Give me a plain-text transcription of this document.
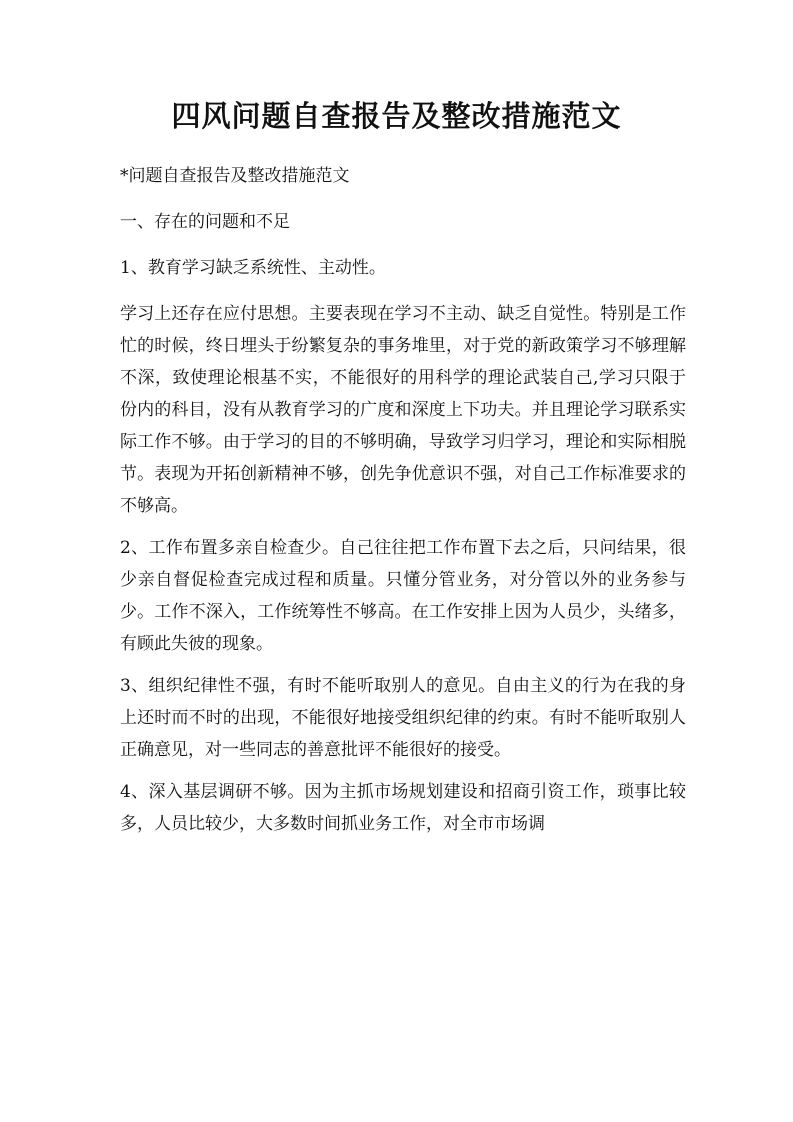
四风问题自查报告及整改措施范文

*问题自查报告及整改措施范文

一、存在的问题和不足

1、教育学习缺乏系统性、主动性。

学习上还存在应付思想。主要表现在学习不主动、缺乏自觉性。特别是工作忙的时候，终日埋头于纷繁复杂的事务堆里，对于党的新政策学习不够理解不深，致使理论根基不实，不能很好的用科学的理论武装自己,学习只限于份内的科目，没有从教育学习的广度和深度上下功夫。并且理论学习联系实际工作不够。由于学习的目的不够明确，导致学习归学习，理论和实际相脱节。表现为开拓创新精神不够，创先争优意识不强，对自己工作标准要求的不够高。

2、工作布置多亲自检查少。自己往往把工作布置下去之后，只问结果，很少亲自督促检查完成过程和质量。只懂分管业务，对分管以外的业务参与少。工作不深入，工作统筹性不够高。在工作安排上因为人员少，头绪多，有顾此失彼的现象。

3、组织纪律性不强，有时不能听取别人的意见。自由主义的行为在我的身上还时而不时的出现，不能很好地接受组织纪律的约束。有时不能听取别人正确意见，对一些同志的善意批评不能很好的接受。

4、深入基层调研不够。因为主抓市场规划建设和招商引资工作，琐事比较多，人员比较少，大多数时间抓业务工作，对全市市场调
